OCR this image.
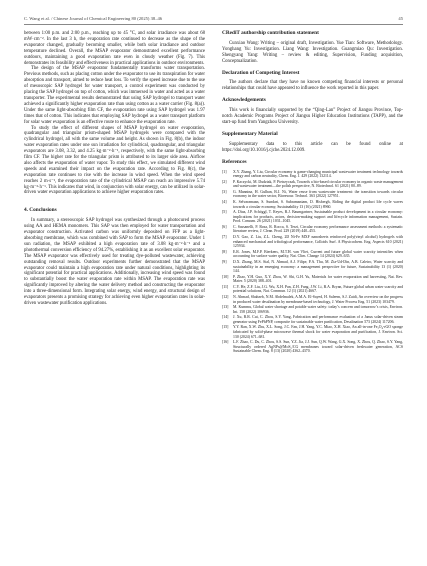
C. Wang et al. / Chinese Journal of Chemical Engineering 80 (2025) 38–46	45

between 1:00 p.m. and 2:00 p.m., reaching up to 45 °C, and solar irradiance was about 68 mW·cm⁻². In the last 3 h, the evaporation rate continued to decrease as the shape of the evaporator changed, gradually becoming smaller, while both solar irradiance and outdoor temperature declined. Overall, the MSAP evaporator demonstrated excellent performance outdoors, maintaining a good evaporation rate even in cloudy weather (Fig. 7). This demonstrates its feasibility and effectiveness in practical applications in outdoor environments.

The design of the MSAP evaporator fundamentally transforms water transportation. Previous methods, such as placing cotton under the evaporator to use its transpiration for water absorption and transport, aimed to reduce heat loss. To verify the speed increase due to the use of mesoscopic SAP hydrogel for water transport, a control experiment was conducted by placing the SAP hydrogel on top of cotton, which was immersed in water and acted as a water transporter. The experimental results demonstrated that using SAP hydrogel to transport water achieved a significantly higher evaporation rate than using cotton as a water carrier (Fig. 8(a)). Under the same light-absorbing film CF, the evaporation rate using SAP hydrogel was 1.97 times that of cotton. This indicates that employing SAP hydrogel as a water transport platform for solar water evaporation is an effective route to enhance the evaporation rate.

To study the effect of different shapes of MSAP hydrogel on water evaporation, quadrangular and triangular prism-shaped MSAP hydrogels were compared with the cylindrical hydrogel, all with the same volume and height. As shown in Fig. 8(b), the indoor water evaporation rates under one sun irradiation for cylindrical, quadrangular, and triangular evaporators are 3.08, 3.32, and 4.25 kg·m⁻²·h⁻¹, respectively, with the same light-absorbing film CF. The higher rate for the triangular prism is attributed to its larger side area. Airflow also affects the evaporation of water vapor. To study this effect, we simulated different wind speeds and examined their impact on the evaporation rate. According to Fig. 8(c), the evaporation rate continues to rise with the increase in wind speed. When the wind speed reaches 2 m·s⁻¹, the evaporation rate of the cylindrical MSAP can reach an impressive 5.74 kg·m⁻²·h⁻¹. This indicates that wind, in conjunction with solar energy, can be utilized in solar-driven water evaporation applications to achieve higher evaporation rates.

4. Conclusions

In summary, a stereoscopic SAP hydrogel was synthesized through a photocured process using AA and HEMA monomers. This SAP was then employed for water transportation and evaporator construction. Activated carbon was uniformly deposited on FFP as a light-absorbing membrane, which was combined with SAP to form the MSAP evaporator. Under 1 sun radiation, the MSAP exhibited a high evaporation rate of 3.08 kg·m⁻²·h⁻¹ and a photothermal conversion efficiency of 94.27%, establishing it as an excellent solar evaporator. The MSAP evaporator was effectively used for treating dye-polluted wastewater, achieving outstanding removal results. Outdoor experiments further demonstrated that the MSAP evaporator could maintain a high evaporation rate under natural conditions, highlighting its significant potential for practical applications. Additionally, increasing wind speed was found to substantially boost the water evaporation rate within MSAP. The evaporation rate was significantly improved by altering the water delivery method and constructing the evaporator into a three-dimensional form. Integrating solar energy, wind energy, and structural design of evaporators presents a promising strategy for achieving even higher evaporation rates in solar-driven wastewater purification applications.

CRediT authorship contribution statement

Cunxiao Wang: Writing – original draft, Investigation. Yue Tian: Software, Methodology. Yonghang Yu: Investigation. Liang Wang: Investigation. Guangmiao Qu: Investigation. Shengyang Yang: Writing – review & editing, Supervision, Funding acquisition, Conceptualization.

Declaration of Competing Interest

The authors declare that they have no known competing financial interests or personal relationships that could have appeared to influence the work reported in this paper.

Acknowledgements

This work is financially supported by the “Qing-Lan” Project of Jiangsu Province, Top-notch Academic Programs Project of Jiangsu Higher Education Institutions (TAPP), and the start-up fund from Yangzhou University.

Supplementary Material

Supplementary data to this article can be found online at https://doi.org/10.1016/j.cjche.2024.12.009.

References
[1]	X.Y. Zhang, Y. Liu, Circular economy is game-changing municipal wastewater treatment technology towards energy and carbon neutrality, Chem. Eng. J. 429 (2022) 132114.
[2]	P. Kaczycki, M. Dudziak, P. Pietrzyczak, Towards a bio-based circular economy in organic waste management and wastewater treatment—the polish perspective, N. Biotechnol. 61 (2021) 80–89.
[3]	G. Mannina, H. Gulhan, B.J. Ni, Water reuse from wastewater treatment: the transition towards circular economy in the water sector, Bioresour. Technol. 363 (2022) 127951.
[4]	K. Selvaramaan, S. Sundari, S. Subramaniam, D. Hisbergh, Riding the digital product life cycle waves towards a circular economy, Sustainability 13 (16) (2021) 8960.
[5]	A. Diaz, J.P. Schöggl, T. Reyes, R.J. Baumgartner, Sustainable product development in a circular economy: implications for products, actors, decision-making support and lifecycle information management, Sustain. Prod. Consum. 26 (2021) 1031–1045.
[6]	C. Sassanelli, P. Rosa, R. Rocca, S. Terzi, Circular economy performance assessment methods: a systematic literature review, J. Clean. Prod. 229 (2019) 440–453.
[7]	D.Y. Gao, Z. Liu, Z.L. Cheng, 2D Ni-Fe MXF nanosheets reinforced poly(vinyl alcohol) hydrogels with enhanced mechanical and tribological performance, Colloids Surf. A Physicochem. Eng. Aspects 610 (2021) 125934.
[8]	E.R. Jones, M.F.P. Bierkens, M.T.H. van Vliet, Current and future global water scarcity intensifies when accounting for surface water quality, Nat. Clim. Change 14 (2024) 629–635.
[9]	D.X. Zhang, M.S. Sial, N. Ahmad, A.J. Filipe, P.A. Thu, M. Zia-Ud-Din, A.B. Caleiro, Water scarcity and sustainability in an emerging economy: a management perspective for future, Sustainability 13 (1) (2020) 144.
[10]	P. Zhao, Y.H. Guo, X.Y. Zhou, W. Shi, G.H. Yu, Materials for water evaporation and harvesting, Nat. Rev. Mater. 5 (2020) 388–401.
[11]	C.Y. He, Z.F. Liu, J.G. Wu, X.H. Pan, Z.H. Fang, J.W. Li, B.A. Bryan, Future global urban water scarcity and potential solutions, Nat. Commun. 12 (1) (2021) 4667.
[12]	N. Ahmad, Shahzeb, N.M. Abdelmalek, A.M.A. El-Sayed, H. Saleem, S.J. Zaidi, An overview on the progress in produced water desalination by membrane-based technology, J. Water Process Eng. 51 (2023) 103479.
[13]	M. Kummu, Global water shortage and potable water safety: today’s concern and tomorrow’s crisis, Environ. Int. 158 (2022) 106936.
[14]	J. Xu, R.R. Cui, C. Zhou, S.Y. Yang, Fabrication and performance evaluation of a Janus solar-driven steam generator using FePhPNP, composite for sustainable water purification, Desalination 573 (2024) 117206.
[15]	Y.Y. Ran, X.W. Zhu, X.L. Song, J.C. Fan, J.H. Yang, Y.C. Miao, X.H. Xiao, An all-in-one Fe₃O₄-rGO sponge fabricated by solid-phase microwave thermal shock for water evaporation and purification, J. Environ. Sci. 130 (2024) 671–681.
[16]	L.F. Zhao, C. Du, C. Zhou, S.S. Sun, Y.Z. Jia, J.J. Sun, Q.W. Wang, G.X. Song, X. Zhou, Q. Zhao, S.Y. Yang, Structurally ordered AgNPs@MoS₂/CG membranes toward solar-driven freshwater generation, ACS Sustainable Chem. Eng. 8 (13) (2020) 4362–4370.
